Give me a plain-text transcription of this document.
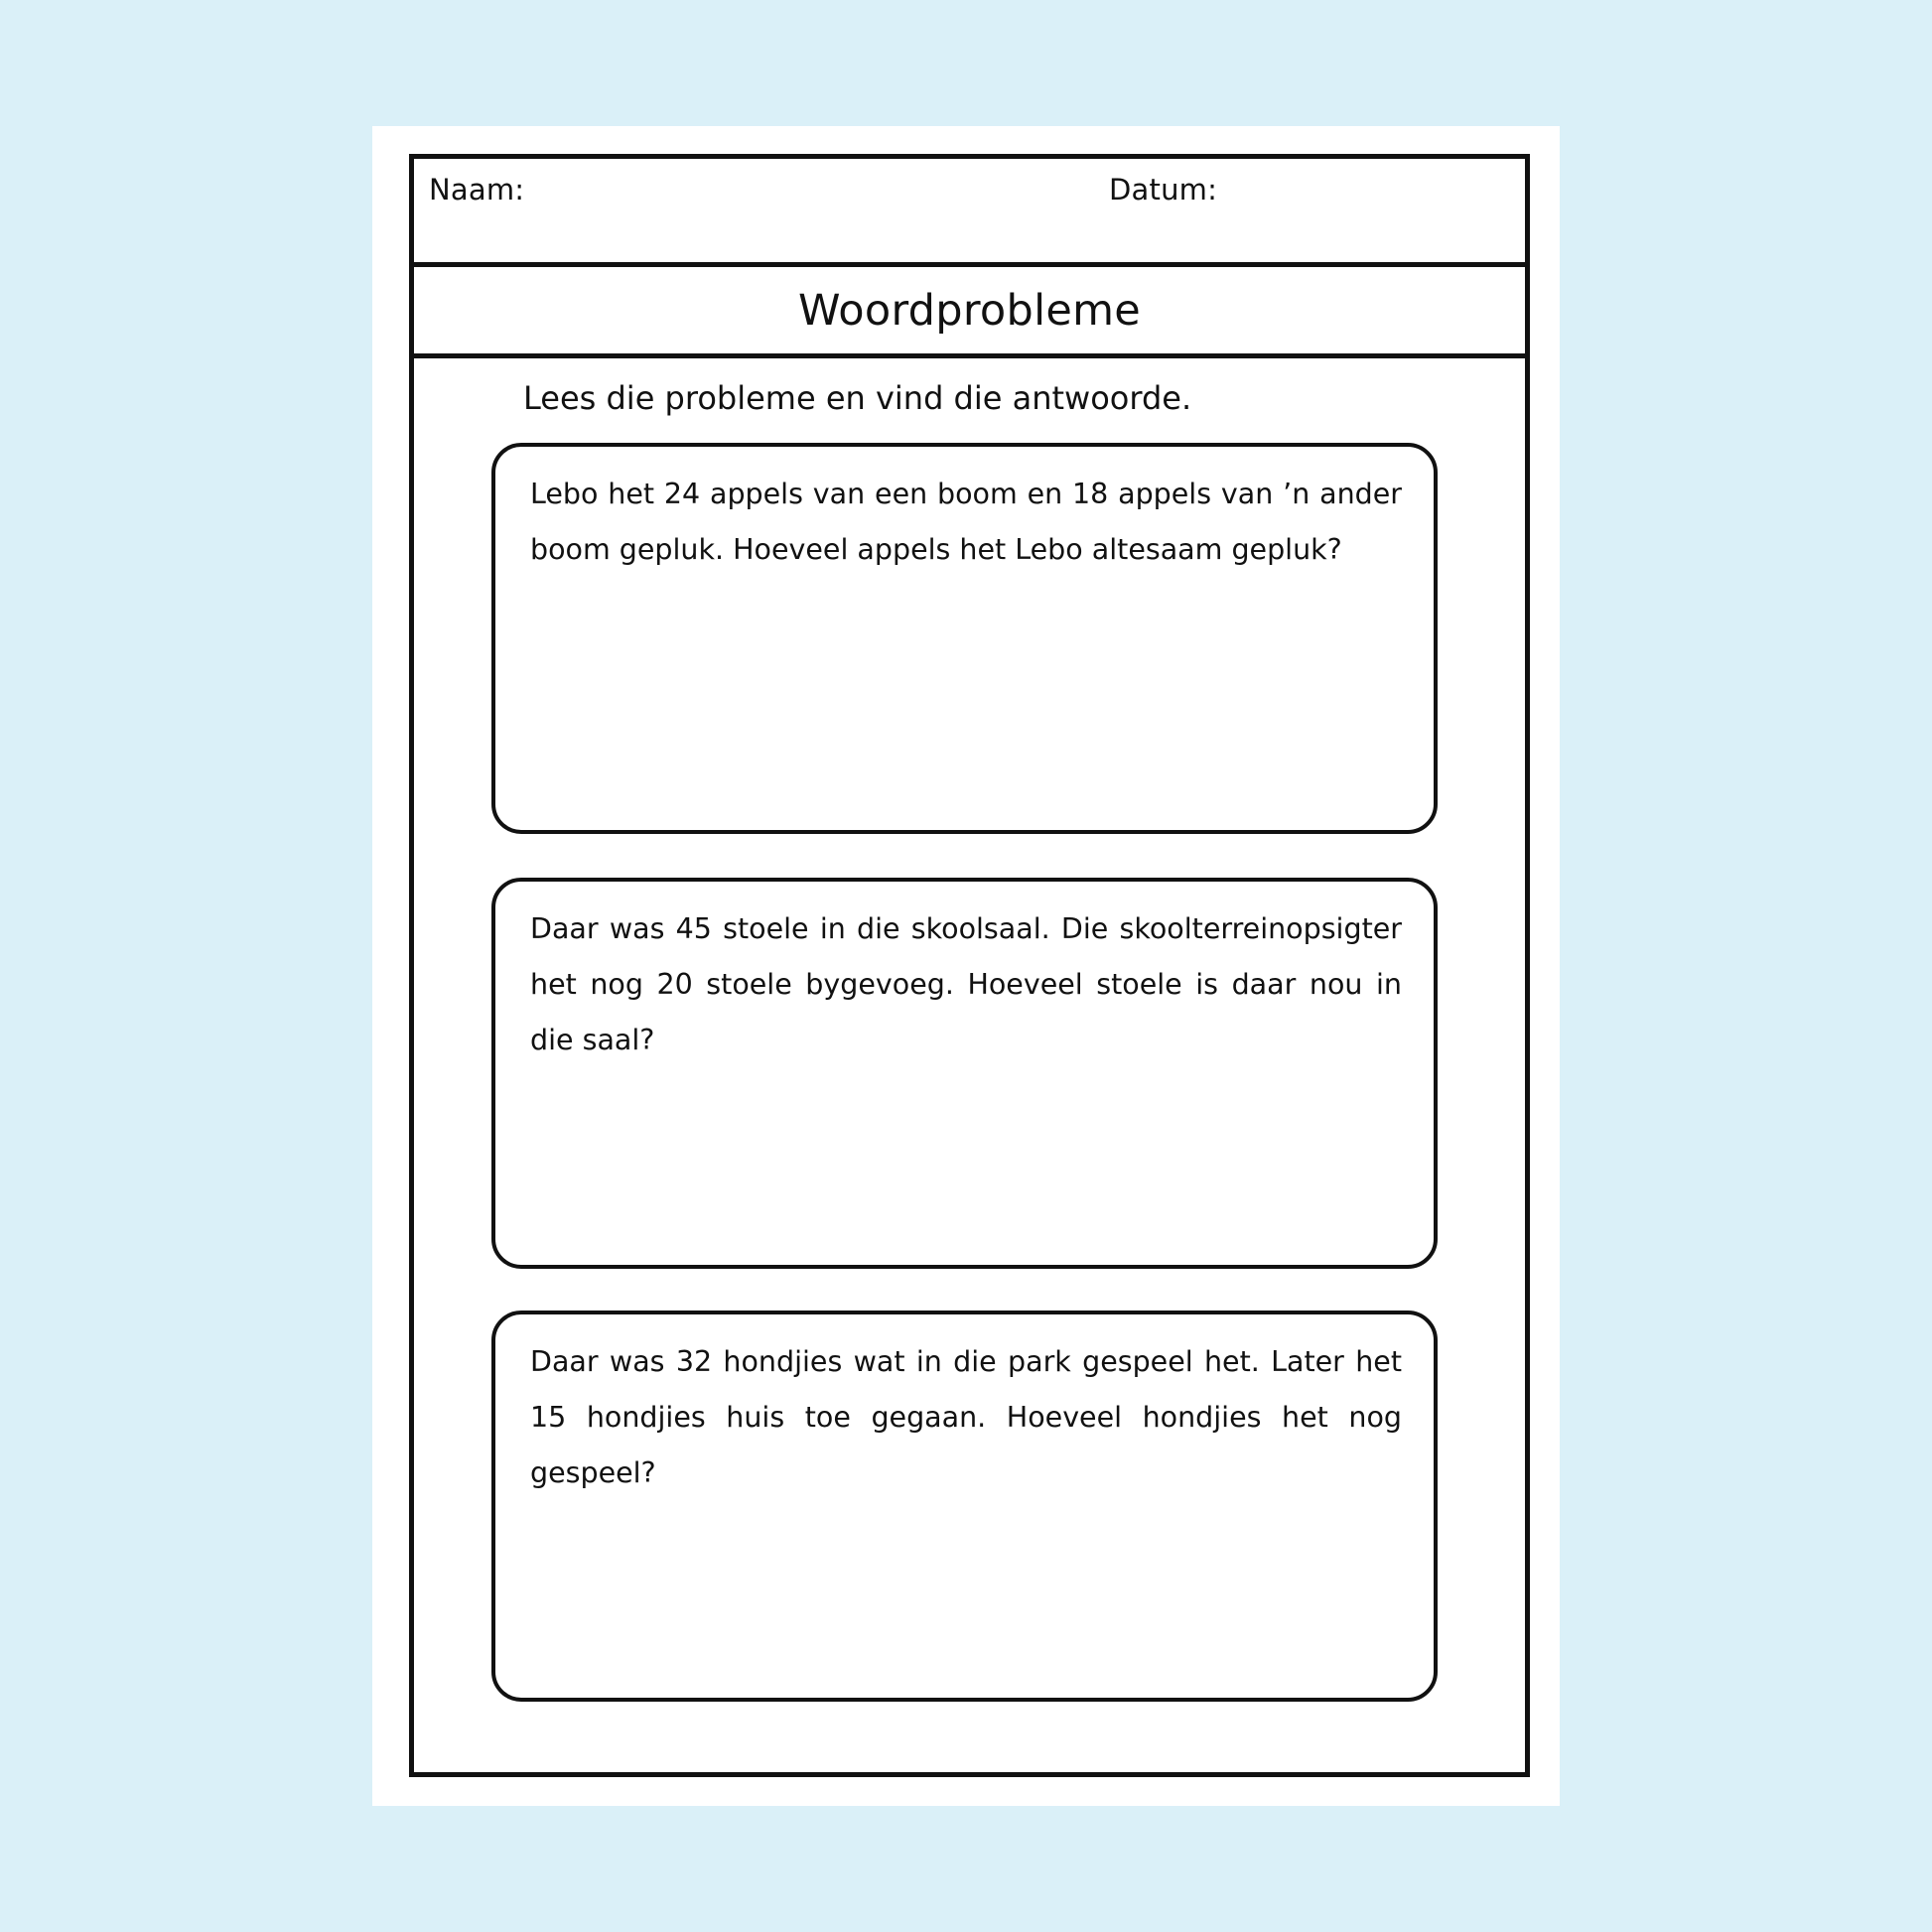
Naam:	Datum:
Woordprobleme
Lees die probleme en vind die antwoorde.
Lebo het 24 appels van een boom en 18 appels van ’n ander boom gepluk. Hoeveel appels het Lebo altesaam gepluk?
Daar was 45 stoele in die skoolsaal. Die skoolterreinopsigter het nog 20 stoele bygevoeg. Hoeveel stoele is daar nou in die saal?
Daar was 32 hondjies wat in die park gespeel het. Later het 15 hondjies huis toe gegaan. Hoeveel hondjies het nog gespeel?
